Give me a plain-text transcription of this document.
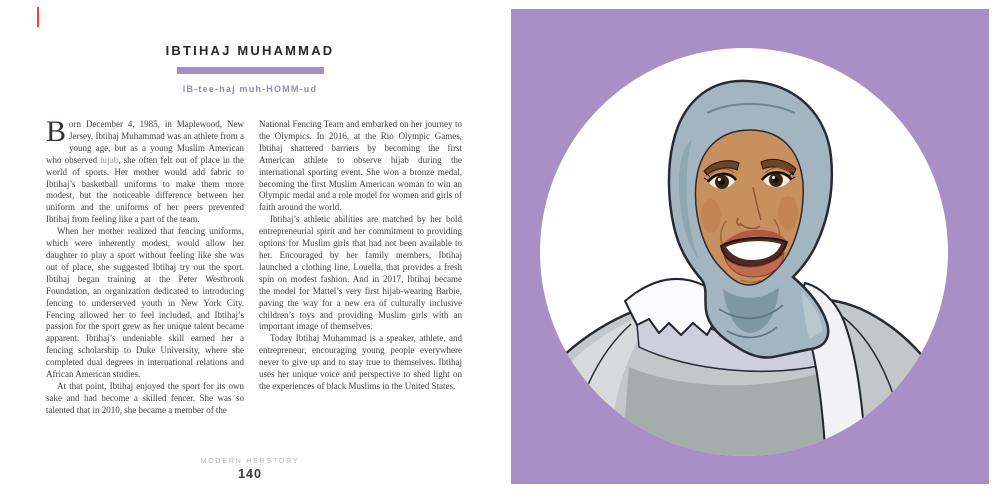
IBTIHAJ MUHAMMAD
IB-tee-haj muh-HOMM-ud

Born December 4, 1985, in Maplewood, New Jersey, Ibtihaj Muhammad was an athlete from a young age, but as a young Muslim American who observed hijab, she often felt out of place in the world of sports. Her mother would add fabric to Ibtihaj’s basketball uniforms to make them more modest, but the noticeable difference between her uniform and the uniforms of her peers prevented Ibtihaj from feeling like a part of the team.

When her mother realized that fencing uniforms, which were inherently modest, would allow her daughter to play a sport without feeling like she was out of place, she suggested Ibtihaj try out the sport. Ibtihaj began training at the Peter Westbrook Foundation, an organization dedicated to introducing fencing to underserved youth in New York City. Fencing allowed her to feel included, and Ibtihaj’s passion for the sport grew as her unique talent became apparent. Ibtihaj’s undeniable skill earned her a fencing scholarship to Duke University, where she completed dual degrees in international relations and African American studies.

At that point, Ibtihaj enjoyed the sport for its own sake and had become a skilled fencer. She was so talented that in 2010, she became a member of the

National Fencing Team and embarked on her journey to the Olympics. In 2016, at the Rio Olympic Games, Ibtihaj shattered barriers by becoming the first American athlete to observe hijab during the international sporting event. She won a bronze medal, becoming the first Muslim American woman to win an Olympic medal and a role model for women and girls of faith around the world.

Ibtihaj’s athletic abilities are matched by her bold entrepreneurial spirit and her commitment to providing options for Muslim girls that had not been available to her. Encouraged by her family members, Ibtihaj launched a clothing line, Louella, that provides a fresh spin on modest fashion. And in 2017, Ibtihaj became the model for Mattel’s very first hijab-wearing Barbie, paving the way for a new era of culturally inclusive children’s toys and providing Muslim girls with an important image of themselves.

Today Ibtihaj Muhammad is a speaker, athlete, and entrepreneur, encouraging young people everywhere never to give up and to stay true to themselves. Ibtihaj uses her unique voice and perspective to shed light on the experiences of black Muslims in the United States.

MODERN HERSTORY
140
